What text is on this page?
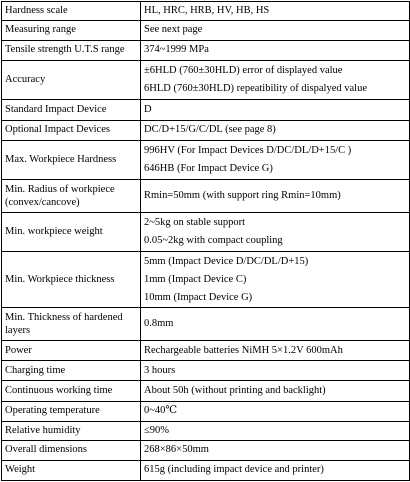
Hardness scale	HL, HRC, HRB, HV, HB, HS

Measuring range	See next page

Tensile strength U.T.S range	374~1999 MPa

Accuracy	±6HLD (760±30HLD) error of displayed value
6HLD (760±30HLD) repeatibility of dispalyed value

Standard Impact Device	D

Optional Impact Devices	DC/D+15/G/C/DL (see page 8)

Max. Workpiece Hardness	996HV (For Impact Devices D/DC/DL/D+15/C )
646HB (For Impact Device G)

Min. Radius of workpiece (convex/cancove)	Rmin=50mm (with support ring Rmin=10mm)

Min. workpiece weight	2~5kg on stable support
0.05~2kg with compact coupling

Min. Workpiece thickness	5mm (Impact Device D/DC/DL/D+15)
1mm (Impact Device C)
10mm (Impact Device G)

Min. Thickness of hardened layers	0.8mm

Power	Rechargeable batteries NiMH 5×1.2V 600mAh

Charging time	3 hours

Continuous working time	About 50h (without printing and backlight)

Operating temperature	0~40℃

Relative humidity	≤90%

Overall dimensions	268×86×50mm

Weight	615g (including impact device and printer)
